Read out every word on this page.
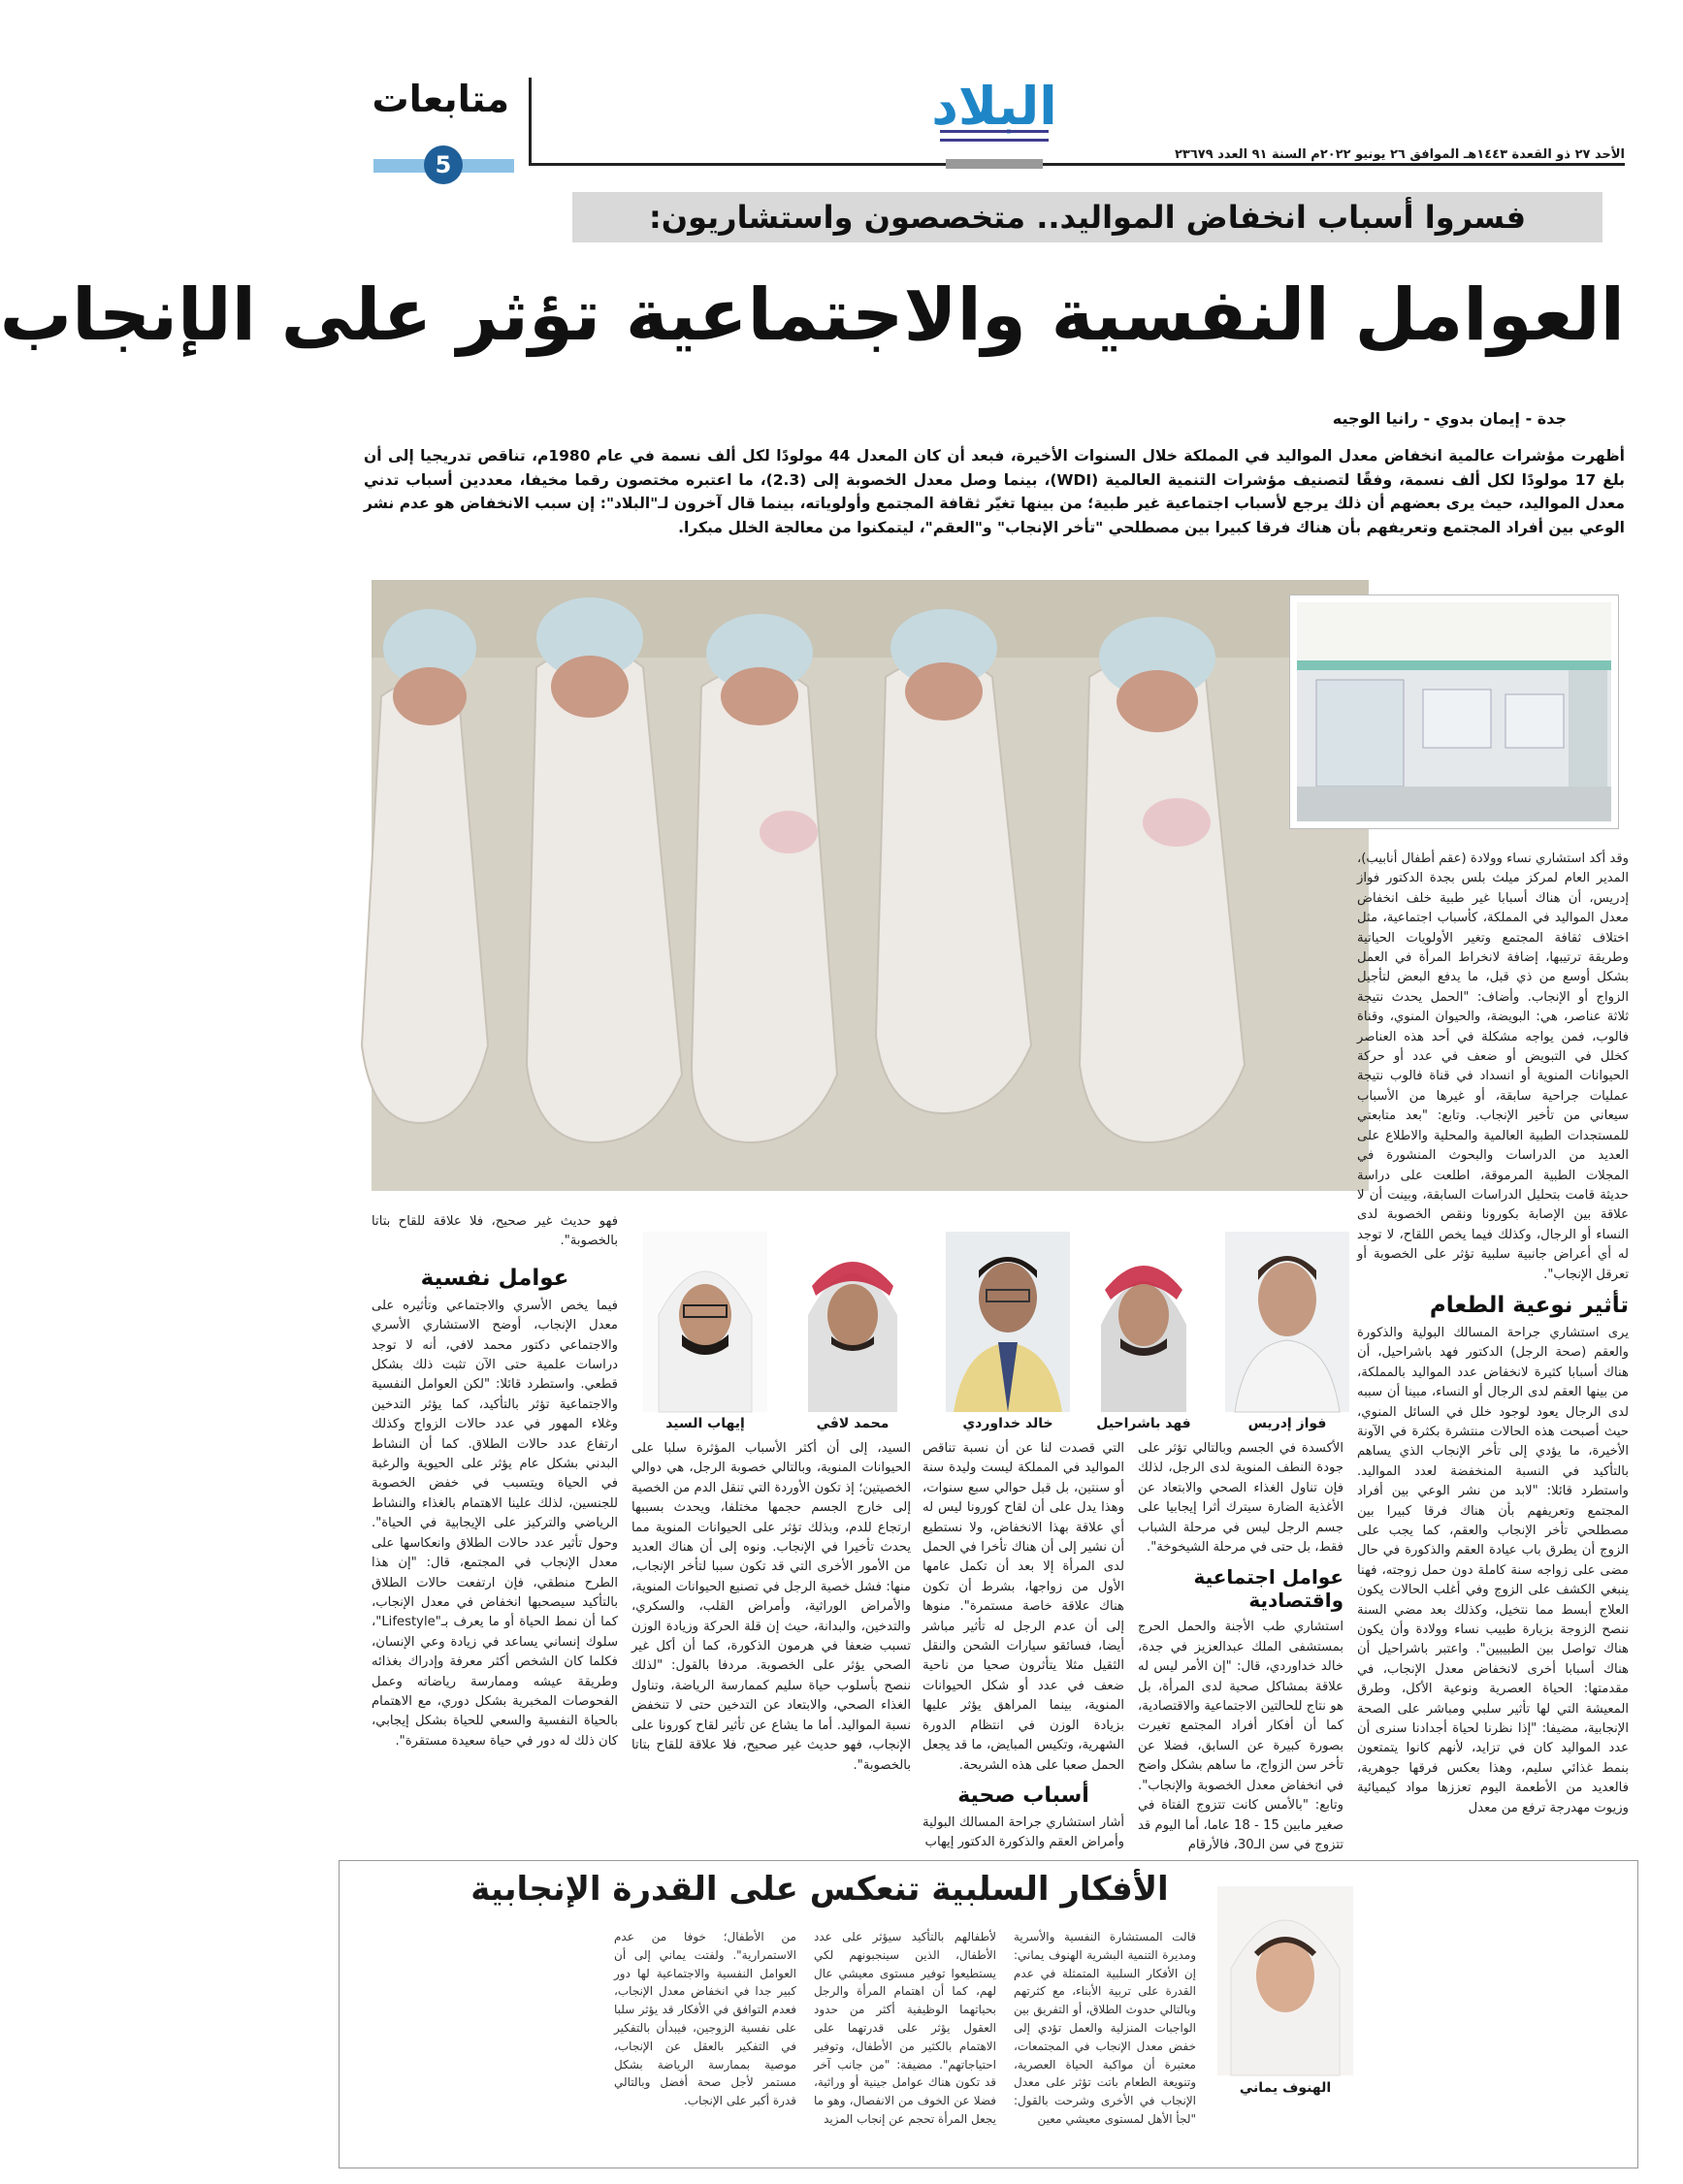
الأحد ٢٧ ذو القعدة ١٤٤٣هـ الموافق ٢٦ يونيو ٢٠٢٢م السنة ٩١ العدد ٢٣٦٧٩
البلاد
متابعات
5
فسروا أسباب انخفاض المواليد.. متخصصون واستشاريون:
العوامل النفسية والاجتماعية تؤثر على الإنجاب
جدة - إيمان بدوي - رانيا الوجيه
أظهرت مؤشرات عالمية انخفاض معدل المواليد في المملكة خلال السنوات الأخيرة، فبعد أن كان المعدل 44 مولودًا لكل ألف نسمة في عام 1980م، تناقص تدريجيا إلى أن بلغ 17 مولودًا لكل ألف نسمة، وفقًا لتصنيف مؤشرات التنمية العالمية (WDI)، بينما وصل معدل الخصوبة إلى (2.3)، ما اعتبره مختصون رقما مخيفا، معددين أسباب تدني معدل المواليد، حيث يرى بعضهم أن ذلك يرجع لأسباب اجتماعية غير طبية؛ من بينها تغيّر ثقافة المجتمع وأولوياته، بينما قال آخرون لـ"البلاد": إن سبب الانخفاض هو عدم نشر الوعي بين أفراد المجتمع وتعريفهم بأن هناك فرقا كبيرا بين مصطلحي "تأخر الإنجاب" و"العقم"، ليتمكنوا من معالجة الخلل مبكرا.

وقد أكد استشاري نساء وولادة (عقم أطفال أنابيب)، المدير العام لمركز ميلث بلس بجدة الدكتور فواز إدريس، أن هناك أسبابا غير طبية خلف انخفاض معدل المواليد في المملكة، كأسباب اجتماعية، مثل اختلاف ثقافة المجتمع وتغير الأولويات الحياتية وطريقة ترتيبها، إضافة لانخراط المرأة في العمل بشكل أوسع من ذي قبل، ما يدفع البعض لتأجيل الزواج أو الإنجاب. وأضاف: "الحمل يحدث نتيجة ثلاثة عناصر، هي: البويضة، والحيوان المنوي، وقناة فالوب، فمن يواجه مشكلة في أحد هذه العناصر كخلل في التبويض أو ضعف في عدد أو حركة الحيوانات المنوية أو انسداد في قناة فالوب نتيجة عمليات جراحية سابقة، أو غيرها من الأسباب سيعاني من تأخير الإنجاب. وتابع: "بعد متابعتي للمستجدات الطبية العالمية والمحلية والاطلاع على العديد من الدراسات والبحوث المنشورة في المجلات الطبية المرموقة، اطلعت على دراسة حديثة قامت بتحليل الدراسات السابقة، وبينت أن لا علاقة بين الإصابة بكورونا ونقص الخصوبة لدى النساء أو الرجال، وكذلك فيما يخص اللقاح، لا توجد له أي أعراض جانبية سلبية تؤثر على الخصوبة أو تعرقل الإنجاب".

تأثير نوعية الطعام

يرى استشاري جراحة المسالك البولية والذكورة والعقم (صحة الرجل) الدكتور فهد باشراحيل، أن هناك أسبابا كثيرة لانخفاض عدد المواليد بالمملكة، من بينها العقم لدى الرجال أو النساء، مبينا أن سببه لدى الرجال يعود لوجود خلل في السائل المنوي، حيث أصبحت هذه الحالات منتشرة بكثرة في الآونة الأخيرة، ما يؤدي إلى تأخر الإنجاب الذي يساهم بالتأكيد في النسبة المنخفضة لعدد المواليد. واستطرد قائلا: "لابد من نشر الوعي بين أفراد المجتمع وتعريفهم بأن هناك فرقا كبيرا بين مصطلحي تأخر الإنجاب والعقم، كما يجب على الزوج أن يطرق باب عيادة العقم والذكورة في حال مضى على زواجه سنة كاملة دون حمل زوجته، فهنا ينبغي الكشف على الزوج وفي أغلب الحالات يكون العلاج أبسط مما نتخيل، وكذلك بعد مضي السنة ننصح الزوجة بزيارة طبيب نساء وولادة وأن يكون هناك تواصل بين الطبيبين". واعتبر باشراحيل أن هناك أسبابا أخرى لانخفاض معدل الإنجاب، في مقدمتها: الحياة العصرية ونوعية الأكل، وطرق المعيشة التي لها تأثير سلبي ومباشر على الصحة الإنجابية، مضيفا: "إذا نظرنا لحياة أجدادنا سنرى أن عدد المواليد كان في تزايد، لأنهم كانوا يتمتعون بنمط غذائي سليم، وهذا بعكس فرقها جوهرية، فالعديد من الأطعمة اليوم تعززها مواد كيميائية وزيوت مهدرجة ترفع من معدل

فواز إدريس
فهد باشراحيل
خالد خداوردي
محمد لاڤي
إيهاب السيد

الأكسدة في الجسم وبالتالي تؤثر على جودة النطف المنوية لدى الرجل، لذلك فإن تناول الغذاء الصحي والابتعاد عن الأغذية الضارة سيترك أثرا إيجابيا على جسم الرجل ليس في مرحلة الشباب فقط، بل حتى في مرحلة الشيخوخة".

عوامل اجتماعية واقتصادية

استشاري طب الأجنة والحمل الحرج بمستشفى الملك عبدالعزيز في جدة، خالد خداوردي، قال: "إن الأمر ليس له علاقة بمشاكل صحية لدى المرأة، بل هو نتاج للحالتين الاجتماعية والاقتصادية، كما أن أفكار أفراد المجتمع تغيرت بصورة كبيرة عن السابق، فضلا عن تأخر سن الزواج، ما ساهم بشكل واضح في انخفاض معدل الخصوبة والإنجاب". وتابع: "بالأمس كانت تتزوج الفتاة في صغير مابين 15 - 18 عاما، أما اليوم قد تتزوج في سن الـ30، فالأرقام

التي قصدت لنا عن أن نسبة تناقص المواليد في المملكة ليست وليدة سنة أو سنتين، بل قبل حوالي سبع سنوات، وهذا يدل على أن لقاح كورونا ليس له أي علاقة بهذا الانخفاض، ولا نستطيع أن نشير إلى أن هناك تأخرا في الحمل لدى المرأة إلا بعد أن تكمل عامها الأول من زواجها، بشرط أن تكون هناك علاقة خاصة مستمرة". منوها إلى أن عدم الرجل له تأثير مباشر أيضا، فسائقو سيارات الشحن والنقل الثقيل مثلا يتأثرون صحيا من ناحية ضعف في عدد أو شكل الحيوانات المنوية، بينما المراهق يؤثر عليها بزيادة الوزن في انتظام الدورة الشهرية، وتكيس المبايض، ما قد يجعل الحمل صعبا على هذه الشريحة.

أسباب صحية

أشار استشاري جراحة المسالك البولية وأمراض العقم والذكورة الدكتور إيهاب

السيد، إلى أن أكثر الأسباب المؤثرة سلبا على الحيوانات المنوية، وبالتالي خصوبة الرجل، هي دوالي الخصيتين؛ إذ تكون الأوردة التي تنقل الدم من الخصية إلى خارج الجسم حجمها مختلفا، ويحدث بسببها ارتجاع للدم، وبذلك تؤثر على الحيوانات المنوية مما يحدث تأخيرا في الإنجاب. ونوه إلى أن هناك العديد من الأمور الأخرى التي قد تكون سببا لتأخر الإنجاب، منها: فشل خصية الرجل في تصنيع الحيوانات المنوية، والأمراض الوراثية، وأمراض القلب، والسكري، والتدخين، والبدانة، حيث إن قلة الحركة وزيادة الوزن تسبب ضعفا في هرمون الذكورة، كما أن أكل غير الصحي يؤثر على الخصوبة. مردفا بالقول: "لذلك ننصح بأسلوب حياة سليم كممارسة الرياضة، وتناول الغذاء الصحي، والابتعاد عن التدخين حتى لا تنخفض نسبة المواليد. أما ما يشاع عن تأثير لقاح كورونا على الإنجاب، فهو حديث غير صحيح، فلا علاقة للقاح بتاتا بالخصوبة".

فهو حديث غير صحيح، فلا علاقة للقاح بتاتا بالخصوبة".

عوامل نفسية

فيما يخص الأسري والاجتماعي وتأثيره على معدل الإنجاب، أوضح الاستشاري الأسري والاجتماعي دكتور محمد لافي، أنه لا توجد دراسات علمية حتى الآن تثبت ذلك بشكل قطعي. واستطرد قائلا: "لكن العوامل النفسية والاجتماعية تؤثر بالتأكيد، كما يؤثر التدخين وغلاء المهور في عدد حالات الزواج وكذلك ارتفاع عدد حالات الطلاق. كما أن النشاط البدني بشكل عام يؤثر على الحيوية والرغبة في الحياة ويتسبب في خفض الخصوبة للجنسين، لذلك علينا الاهتمام بالغذاء والنشاط الرياضي والتركيز على الإيجابية في الحياة". وحول تأثير عدد حالات الطلاق وانعكاسها على معدل الإنجاب في المجتمع، قال: "إن هذا الطرح منطقي، فإن ارتفعت حالات الطلاق بالتأكيد سيصحبها انخفاض في معدل الإنجاب، كما أن نمط الحياة أو ما يعرف بـ"Lifestyle"، سلوك إنساني يساعد في زيادة وعي الإنسان، فكلما كان الشخص أكثر معرفة وإدراك بغذائه وطريقة عيشه وممارسة رياضاته وعمل الفحوصات المخبرية بشكل دوري، مع الاهتمام بالحياة النفسية والسعي للحياة بشكل إيجابي، كان ذلك له دور في حياة سعيدة مستقرة".

الأفكار السلبية تنعكس على القدرة الإنجابية
الهنوف يماني
قالت المستشارة النفسية والأسرية ومديرة التنمية البشرية الهنوف يماني: إن الأفكار السلبية المتمثلة في عدم القدرة على تربية الأبناء، مع كثرتهم وبالتالي حدوث الطلاق، أو التفريق بين الواجبات المنزلية والعمل تؤدي إلى خفض معدل الإنجاب في المجتمعات، معتبرة أن مواكبة الحياة العصرية، وتنويعة الطعام باتت تؤثر على معدل الإنجاب في الأخرى وشرحت بالقول: "لجأ الأهل لمستوى معيشي معين
لأطفالهم بالتأكيد سيؤثر على عدد الأطفال، الذين سينجبونهم لكي يستطيعوا توفير مستوى معيشي عال لهم، كما أن اهتمام المرأة والرجل بحياتهما الوظيفية أكثر من حدود العقول يؤثر على قدرتهما على الاهتمام بالكثير من الأطفال، وتوفير احتياجاتهم". مضيفة: "من جانب آخر قد تكون هناك عوامل جينية أو وراثية، فضلا عن الخوف من الانفصال، وهو ما يجعل المرأة تحجم عن إنجاب المزيد
من الأطفال؛ خوفا من عدم الاستمرارية". ولفتت يماني إلى أن العوامل النفسية والاجتماعية لها دور كبير جدا في انخفاض معدل الإنجاب، فعدم التوافق في الأفكار قد يؤثر سلبا على نفسية الزوجين، فيبدأن بالتفكير في التفكير بالعقل عن الإنجاب، موصية بممارسة الرياضة بشكل مستمر لأجل صحة أفضل وبالتالي قدرة أكبر على الإنجاب.
